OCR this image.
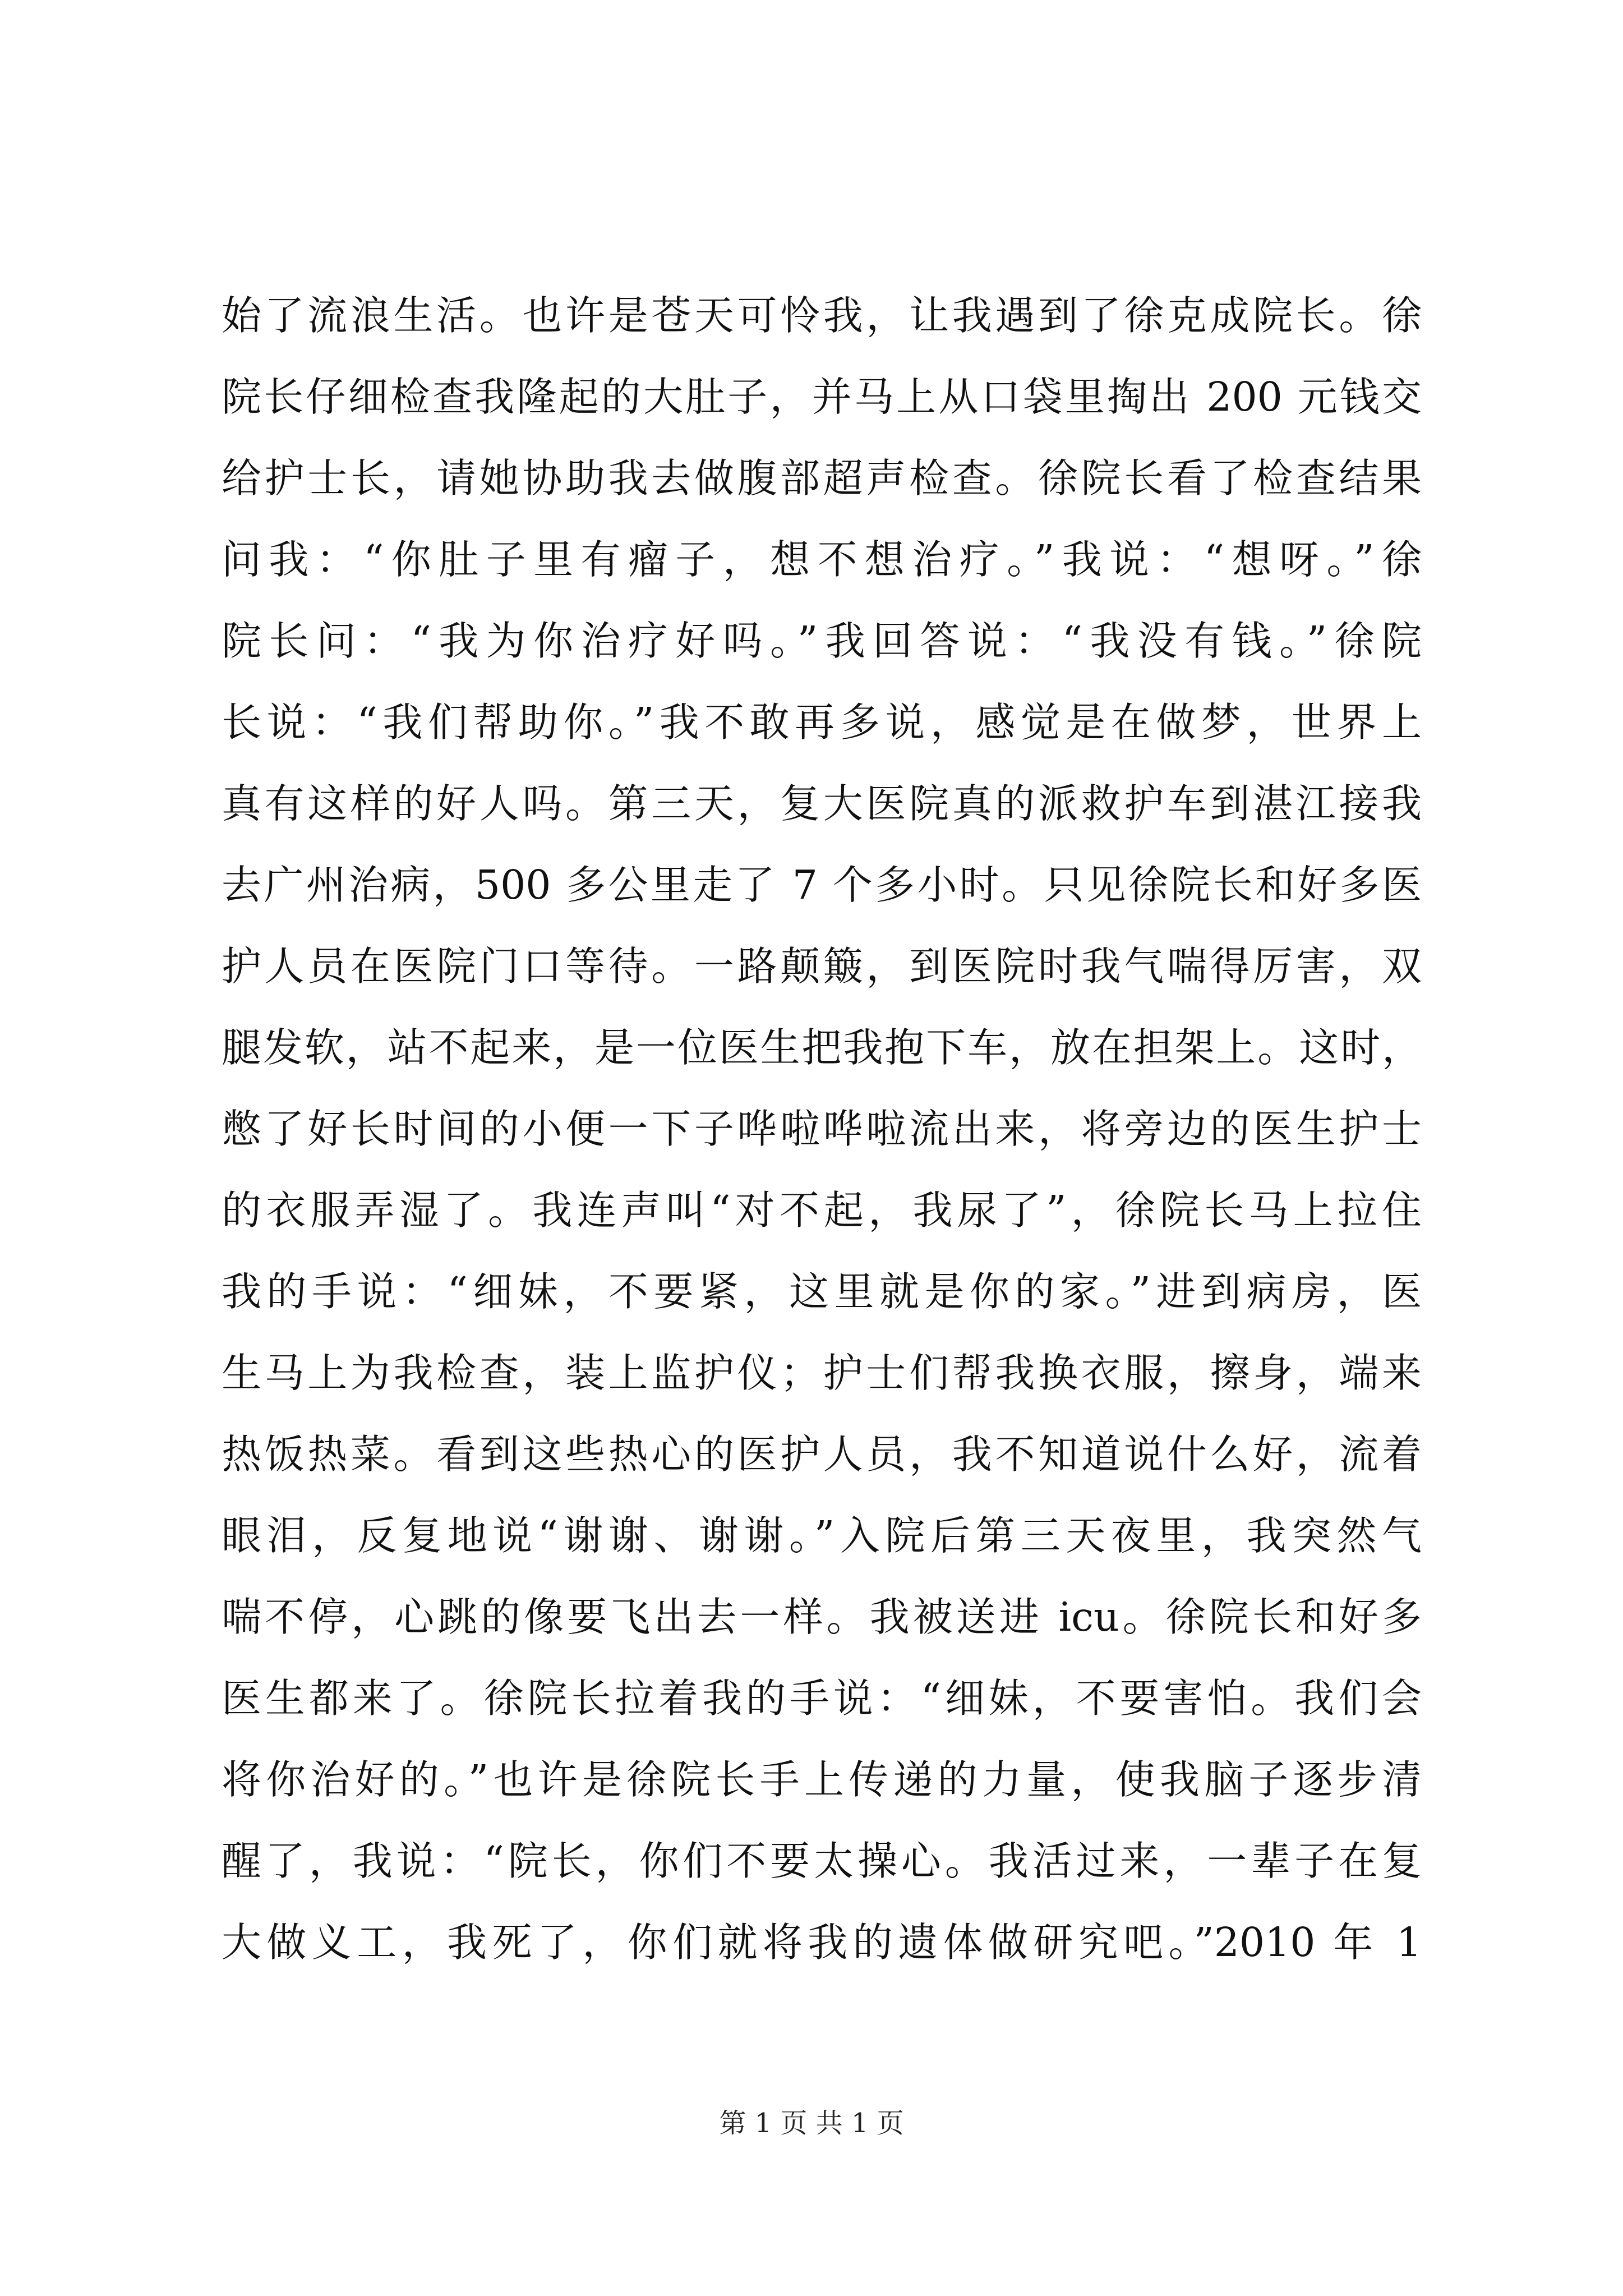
始了流浪生活。也许是苍天可怜我，让我遇到了徐克成院长。徐
院长仔细检查我隆起的大肚子，并马上从口袋里掏出 200 元钱交
给护士长，请她协助我去做腹部超声检查。徐院长看了检查结果
问我：“你肚子里有瘤子，想不想治疗。”我说：“想呀。”徐
院长问：“我为你治疗好吗。”我回答说：“我没有钱。”徐院
长说：“我们帮助你。”我不敢再多说，感觉是在做梦，世界上
真有这样的好人吗。第三天，复大医院真的派救护车到湛江接我
去广州治病，500 多公里走了 7 个多小时。只见徐院长和好多医
护人员在医院门口等待。一路颠簸，到医院时我气喘得厉害，双
腿发软，站不起来，是一位医生把我抱下车，放在担架上。这时，
憋了好长时间的小便一下子哗啦哗啦流出来，将旁边的医生护士
的衣服弄湿了。我连声叫“对不起，我尿了”，徐院长马上拉住
我的手说：“细妹，不要紧，这里就是你的家。”进到病房，医
生马上为我检查，装上监护仪；护士们帮我换衣服，擦身，端来
热饭热菜。看到这些热心的医护人员，我不知道说什么好，流着
眼泪，反复地说“谢谢、谢谢。”入院后第三天夜里，我突然气
喘不停，心跳的像要飞出去一样。我被送进 icu。徐院长和好多
医生都来了。徐院长拉着我的手说：“细妹，不要害怕。我们会
将你治好的。”也许是徐院长手上传递的力量，使我脑子逐步清
醒了，我说：“院长，你们不要太操心。我活过来，一辈子在复
大做义工，我死了，你们就将我的遗体做研究吧。”2010 年 1
第 1 页 共 1 页
